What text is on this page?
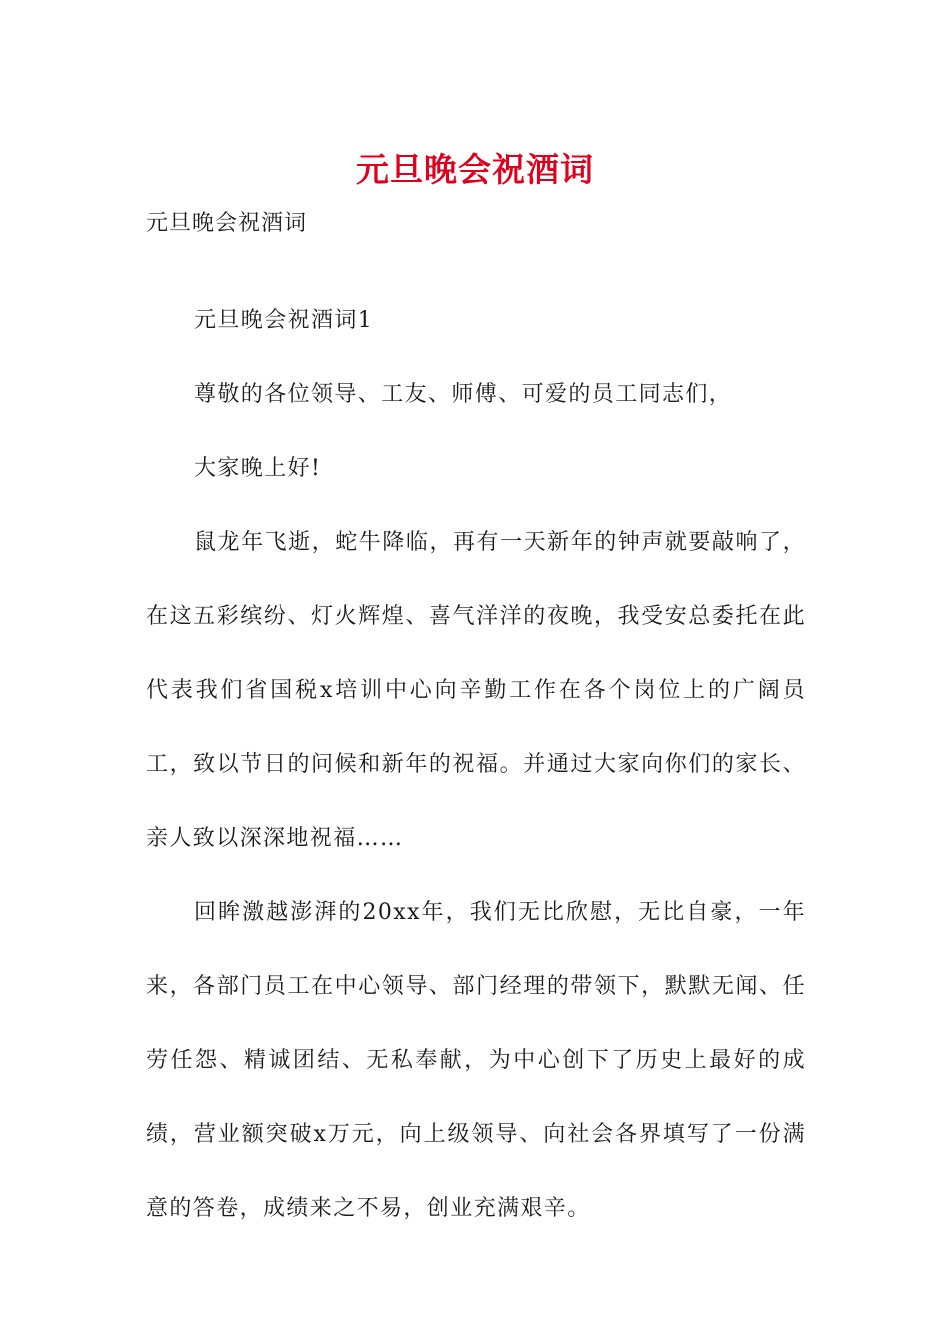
元旦晚会祝酒词

元旦晚会祝酒词

元旦晚会祝酒词1

尊敬的各位领导、工友、师傅、可爱的员工同志们，

大家晚上好!

鼠龙年飞逝，蛇牛降临，再有一天新年的钟声就要敲响了，在这五彩缤纷、灯火辉煌、喜气洋洋的夜晚，我受安总委托在此代表我们省国税x培训中心向辛勤工作在各个岗位上的广阔员工，致以节日的问候和新年的祝福。并通过大家向你们的家长、亲人致以深深地祝福……

回眸激越澎湃的20xx年，我们无比欣慰，无比自豪，一年来，各部门员工在中心领导、部门经理的带领下，默默无闻、任劳任怨、精诚团结、无私奉献，为中心创下了历史上最好的成绩，营业额突破x万元，向上级领导、向社会各界填写了一份满意的答卷，成绩来之不易，创业充满艰辛。
